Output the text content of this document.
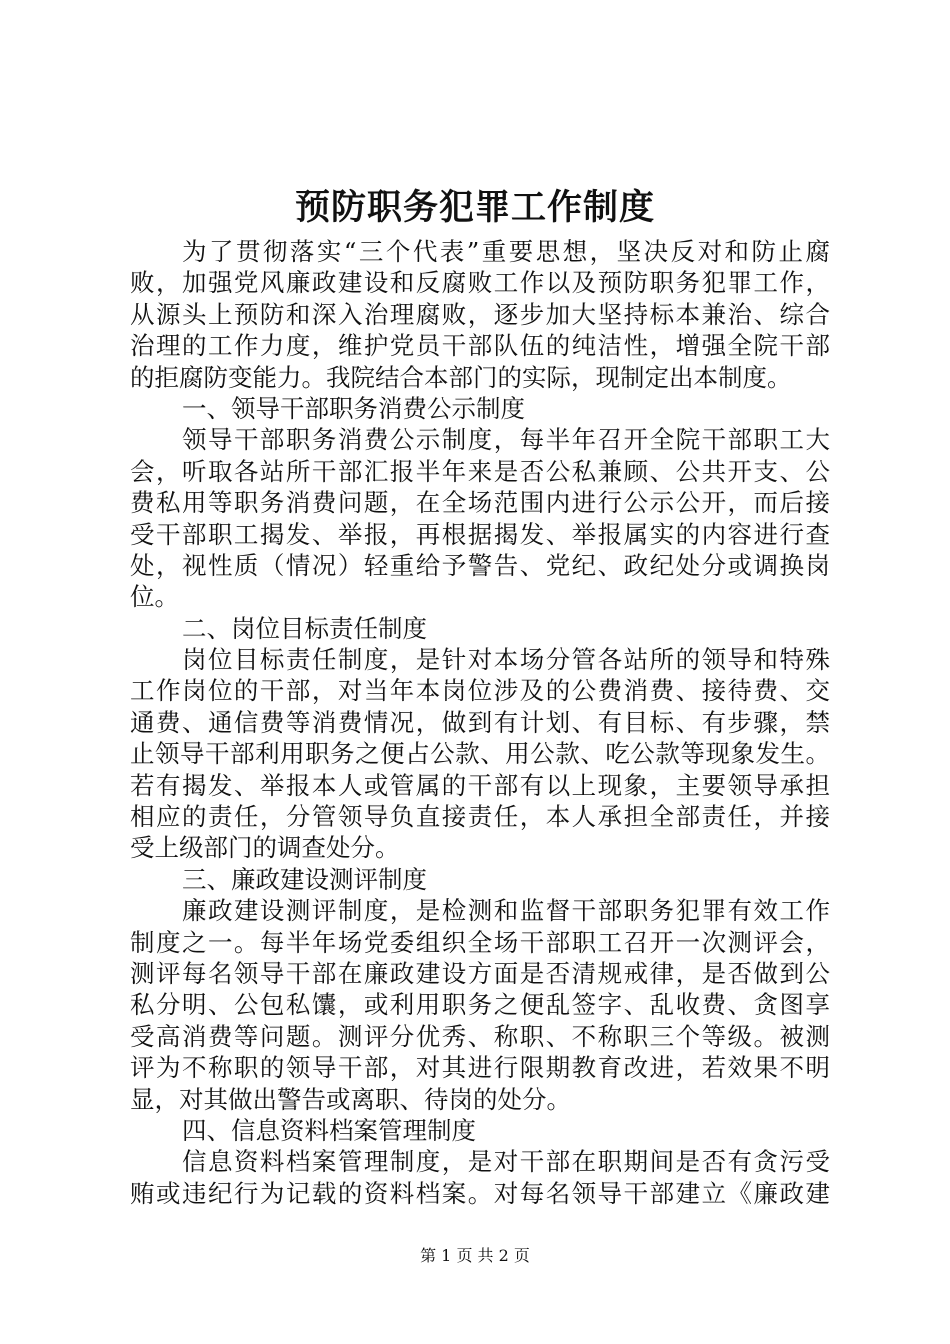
预防职务犯罪工作制度
为了贯彻落实“三个代表”重要思想，坚决反对和防止腐
败，加强党风廉政建设和反腐败工作以及预防职务犯罪工作，
从源头上预防和深入治理腐败，逐步加大坚持标本兼治、综合
治理的工作力度，维护党员干部队伍的纯洁性，增强全院干部
的拒腐防变能力。我院结合本部门的实际，现制定出本制度。
一、领导干部职务消费公示制度
领导干部职务消费公示制度，每半年召开全院干部职工大
会，听取各站所干部汇报半年来是否公私兼顾、公共开支、公
费私用等职务消费问题，在全场范围内进行公示公开，而后接
受干部职工揭发、举报，再根据揭发、举报属实的内容进行查
处，视性质（情况）轻重给予警告、党纪、政纪处分或调换岗
位。
二、岗位目标责任制度
岗位目标责任制度，是针对本场分管各站所的领导和特殊
工作岗位的干部，对当年本岗位涉及的公费消费、接待费、交
通费、通信费等消费情况，做到有计划、有目标、有步骤，禁
止领导干部利用职务之便占公款、用公款、吃公款等现象发生。
若有揭发、举报本人或管属的干部有以上现象，主要领导承担
相应的责任，分管领导负直接责任，本人承担全部责任，并接
受上级部门的调查处分。
三、廉政建设测评制度
廉政建设测评制度，是检测和监督干部职务犯罪有效工作
制度之一。每半年场党委组织全场干部职工召开一次测评会，
测评每名领导干部在廉政建设方面是否清规戒律，是否做到公
私分明、公包私馕，或利用职务之便乱签字、乱收费、贪图享
受高消费等问题。测评分优秀、称职、不称职三个等级。被测
评为不称职的领导干部，对其进行限期教育改进，若效果不明
显，对其做出警告或离职、待岗的处分。
四、信息资料档案管理制度
信息资料档案管理制度，是对干部在职期间是否有贪污受
贿或违纪行为记载的资料档案。对每名领导干部建立《廉政建
第 1 页 共 2 页
